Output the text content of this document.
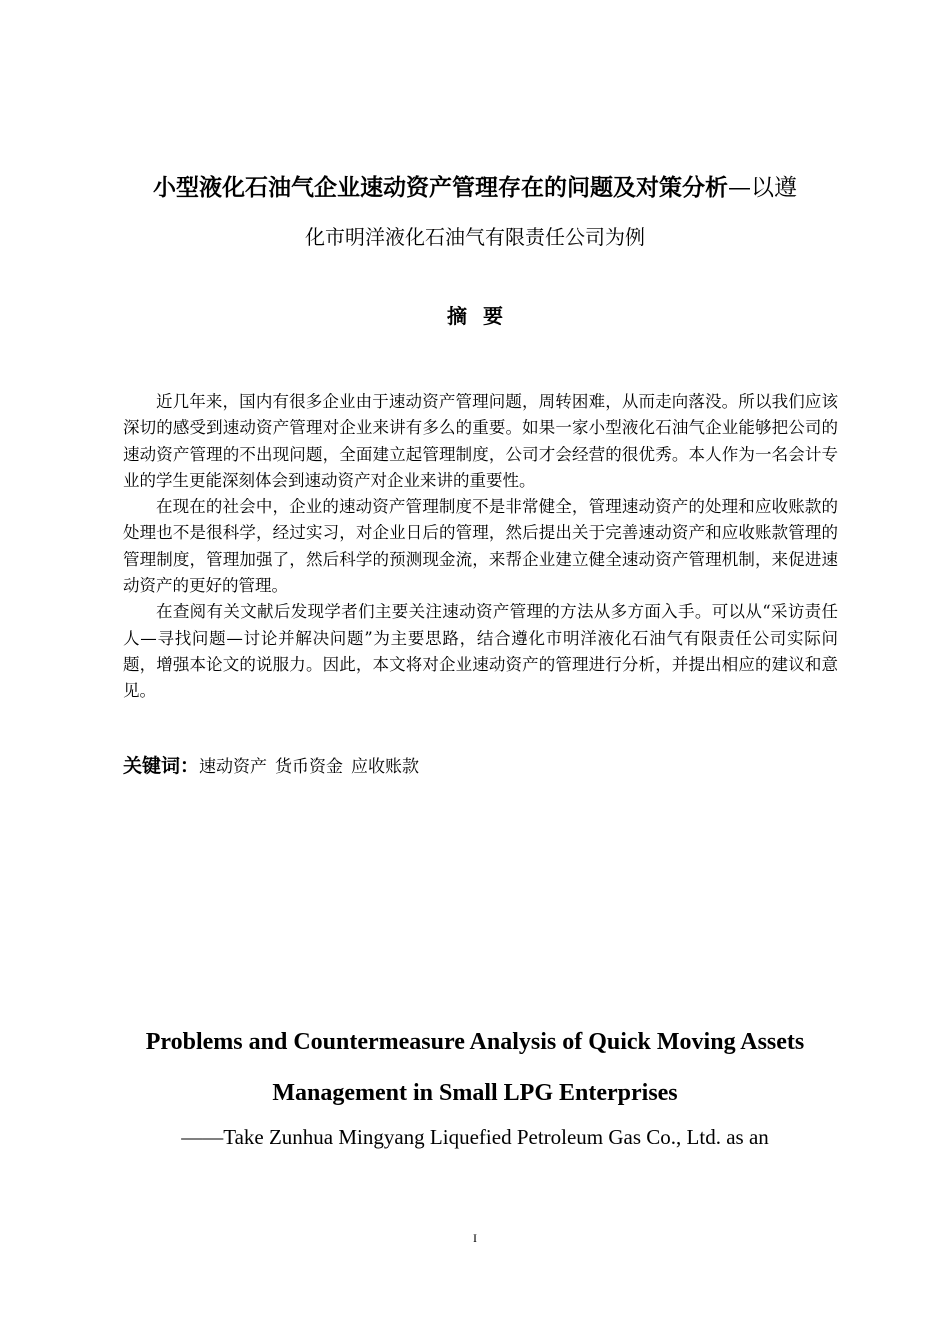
小型液化石油气企业速动资产管理存在的问题及对策分析—以遵
化市明洋液化石油气有限责任公司为例
摘要

近几年来，国内有很多企业由于速动资产管理问题，周转困难，从而走向落没。所以我们应该深切的感受到速动资产管理对企业来讲有多么的重要。如果一家小型液化石油气企业能够把公司的速动资产管理的不出现问题，全面建立起管理制度，公司才会经营的很优秀。本人作为一名会计专业的学生更能深刻体会到速动资产对企业来讲的重要性。

在现在的社会中，企业的速动资产管理制度不是非常健全，管理速动资产的处理和应收账款的处理也不是很科学，经过实习，对企业日后的管理，然后提出关于完善速动资产和应收账款管理的管理制度，管理加强了，然后科学的预测现金流，来帮企业建立健全速动资产管理机制，来促进速动资产的更好的管理。

在查阅有关文献后发现学者们主要关注速动资产管理的方法从多方面入手。可以从“采访责任人—寻找问题—讨论并解决问题”为主要思路，结合遵化市明洋液化石油气有限责任公司实际问题，增强本论文的说服力。因此，本文将对企业速动资产的管理进行分析，并提出相应的建议和意见。

关键词：速动资产 货币资金 应收账款
Problems and Countermeasure Analysis of Quick Moving Assets
Management in Small LPG Enterprises
——Take Zunhua Mingyang Liquefied Petroleum Gas Co., Ltd. as an
I
